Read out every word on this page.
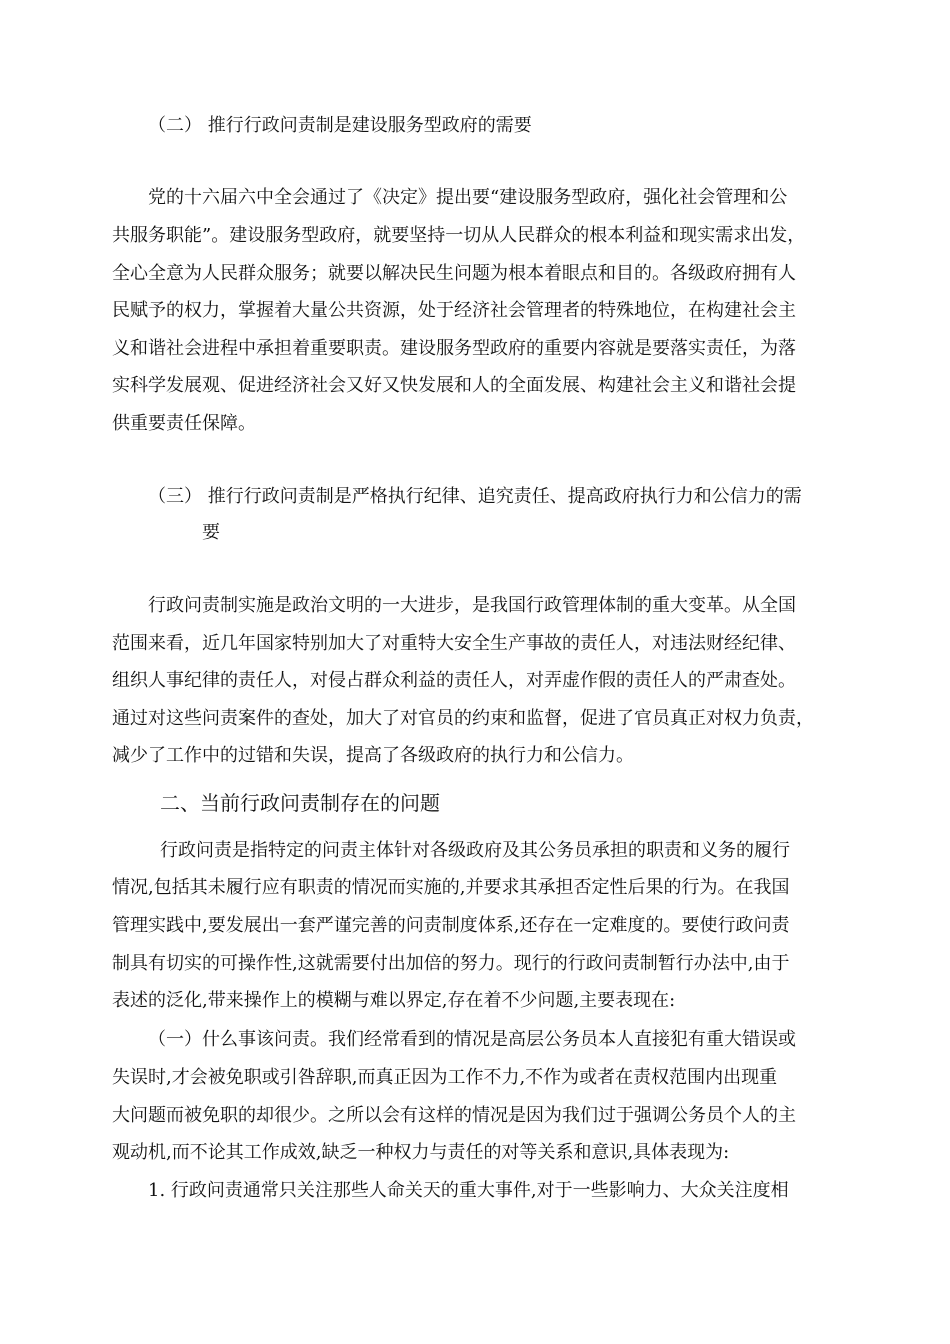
（二） 推行行政问责制是建设服务型政府的需要
党的十六届六中全会通过了《决定》提出要“建设服务型政府，强化社会管理和公
共服务职能”。建设服务型政府，就要坚持一切从人民群众的根本利益和现实需求出发，
全心全意为人民群众服务；就要以解决民生问题为根本着眼点和目的。各级政府拥有人
民赋予的权力，掌握着大量公共资源，处于经济社会管理者的特殊地位，在构建社会主
义和谐社会进程中承担着重要职责。建设服务型政府的重要内容就是要落实责任，为落
实科学发展观、促进经济社会又好又快发展和人的全面发展、构建社会主义和谐社会提
供重要责任保障。
（三） 推行行政问责制是严格执行纪律、追究责任、提高政府执行力和公信力的需
要
行政问责制实施是政治文明的一大进步，是我国行政管理体制的重大变革。从全国
范围来看，近几年国家特别加大了对重特大安全生产事故的责任人，对违法财经纪律、
组织人事纪律的责任人，对侵占群众利益的责任人，对弄虚作假的责任人的严肃查处。
通过对这些问责案件的查处，加大了对官员的约束和监督，促进了官员真正对权力负责，
减少了工作中的过错和失误，提高了各级政府的执行力和公信力。
二、当前行政问责制存在的问题
行政问责是指特定的问责主体针对各级政府及其公务员承担的职责和义务的履行
情况,包括其未履行应有职责的情况而实施的,并要求其承担否定性后果的行为。在我国
管理实践中,要发展出一套严谨完善的问责制度体系,还存在一定难度的。要使行政问责
制具有切实的可操作性,这就需要付出加倍的努力。现行的行政问责制暂行办法中,由于
表述的泛化,带来操作上的模糊与难以界定,存在着不少问题,主要表现在:
（一）什么事该问责。我们经常看到的情况是高层公务员本人直接犯有重大错误或
失误时,才会被免职或引咎辞职,而真正因为工作不力,不作为或者在责权范围内出现重
大问题而被免职的却很少。之所以会有这样的情况是因为我们过于强调公务员个人的主
观动机,而不论其工作成效,缺乏一种权力与责任的对等关系和意识,具体表现为:
1. 行政问责通常只关注那些人命关天的重大事件,对于一些影响力、大众关注度相
